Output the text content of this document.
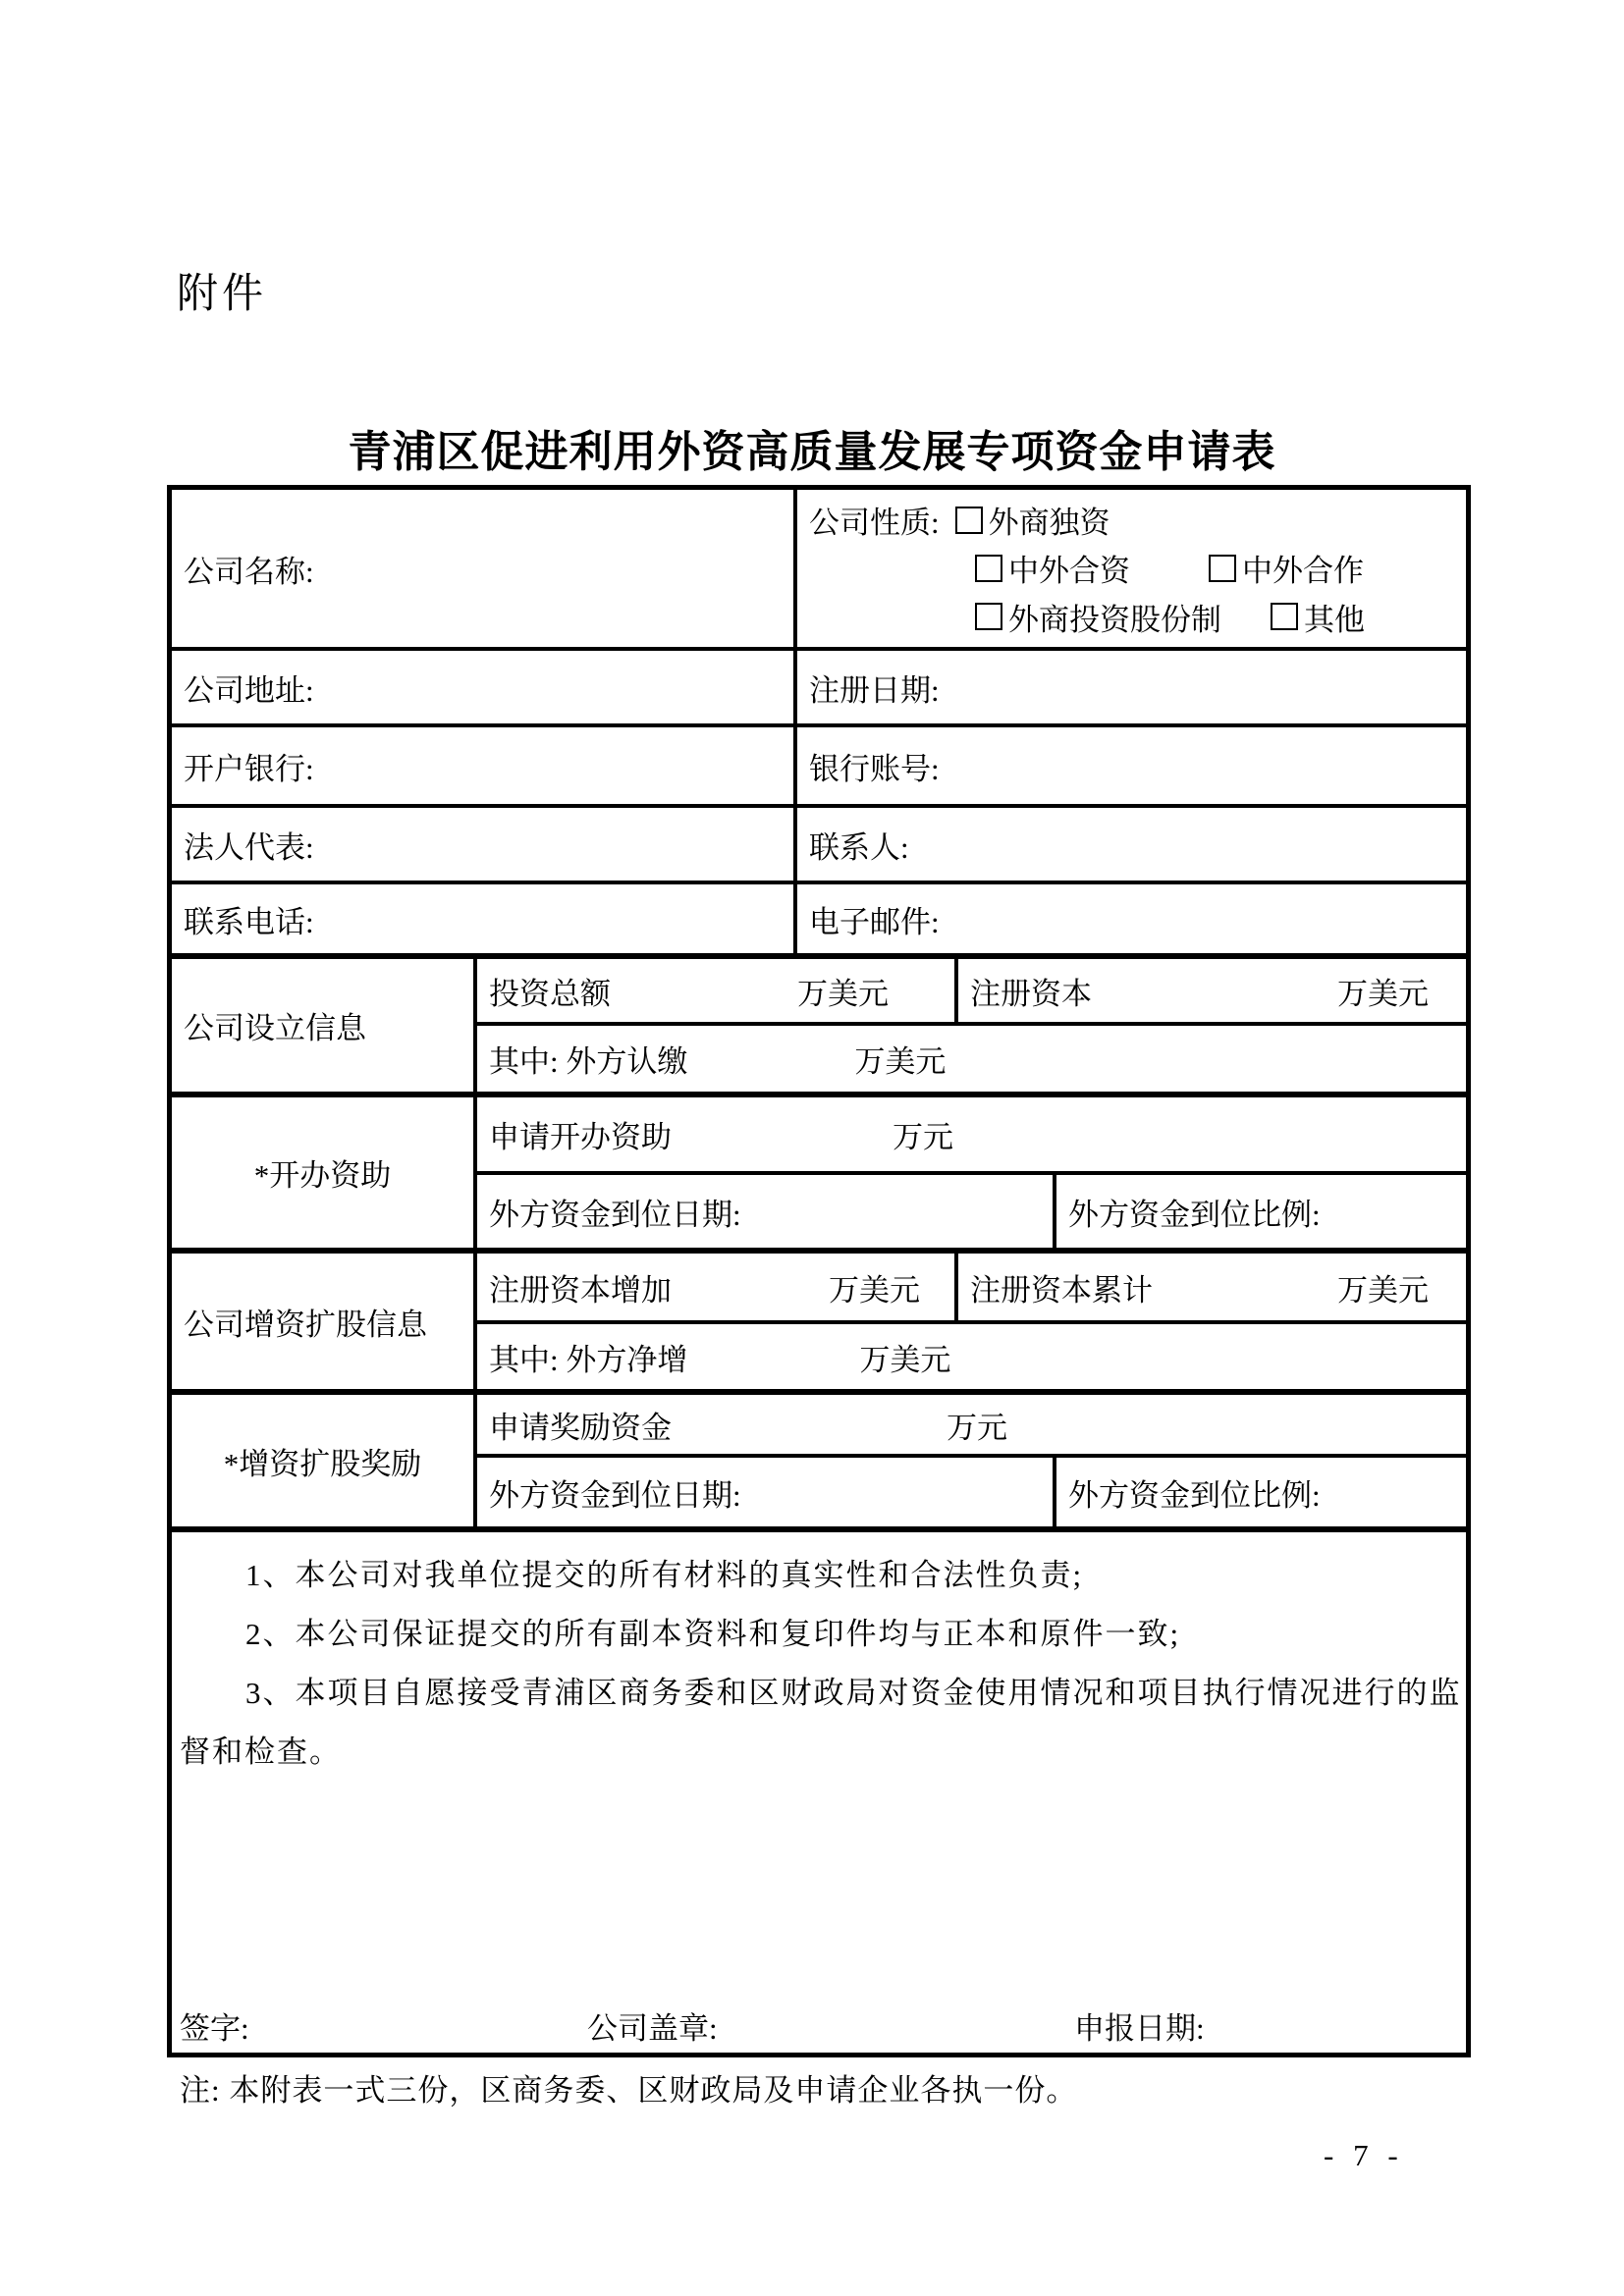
附件
青浦区促进利用外资高质量发展专项资金申请表
公司名称:
公司性质: 外商独资
中外合资	中外合作
外商投资股份制	其他
公司地址:	注册日期:
开户银行:	银行账号:
法人代表:	联系人:
联系电话:	电子邮件:
公司设立信息
投资总额	万美元	注册资本	万美元
其中: 外方认缴	万美元
*开办资助
申请开办资助	万元
外方资金到位日期:	外方资金到位比例:
公司增资扩股信息
注册资本增加	万美元 注册资本累计	万美元
其中: 外方净增	万美元
*增资扩股奖励
申请奖励资金	万元
外方资金到位日期:	外方资金到位比例:
1、本公司对我单位提交的所有材料的真实性和合法性负责;
2、本公司保证提交的所有副本资料和复印件均与正本和原件一致;
3、本项目自愿接受青浦区商务委和区财政局对资金使用情况和项目执行情况进行的监
督和检查。
签字:	公司盖章:	申报日期:
注: 本附表一式三份，区商务委、区财政局及申请企业各执一份。
- 7 -
